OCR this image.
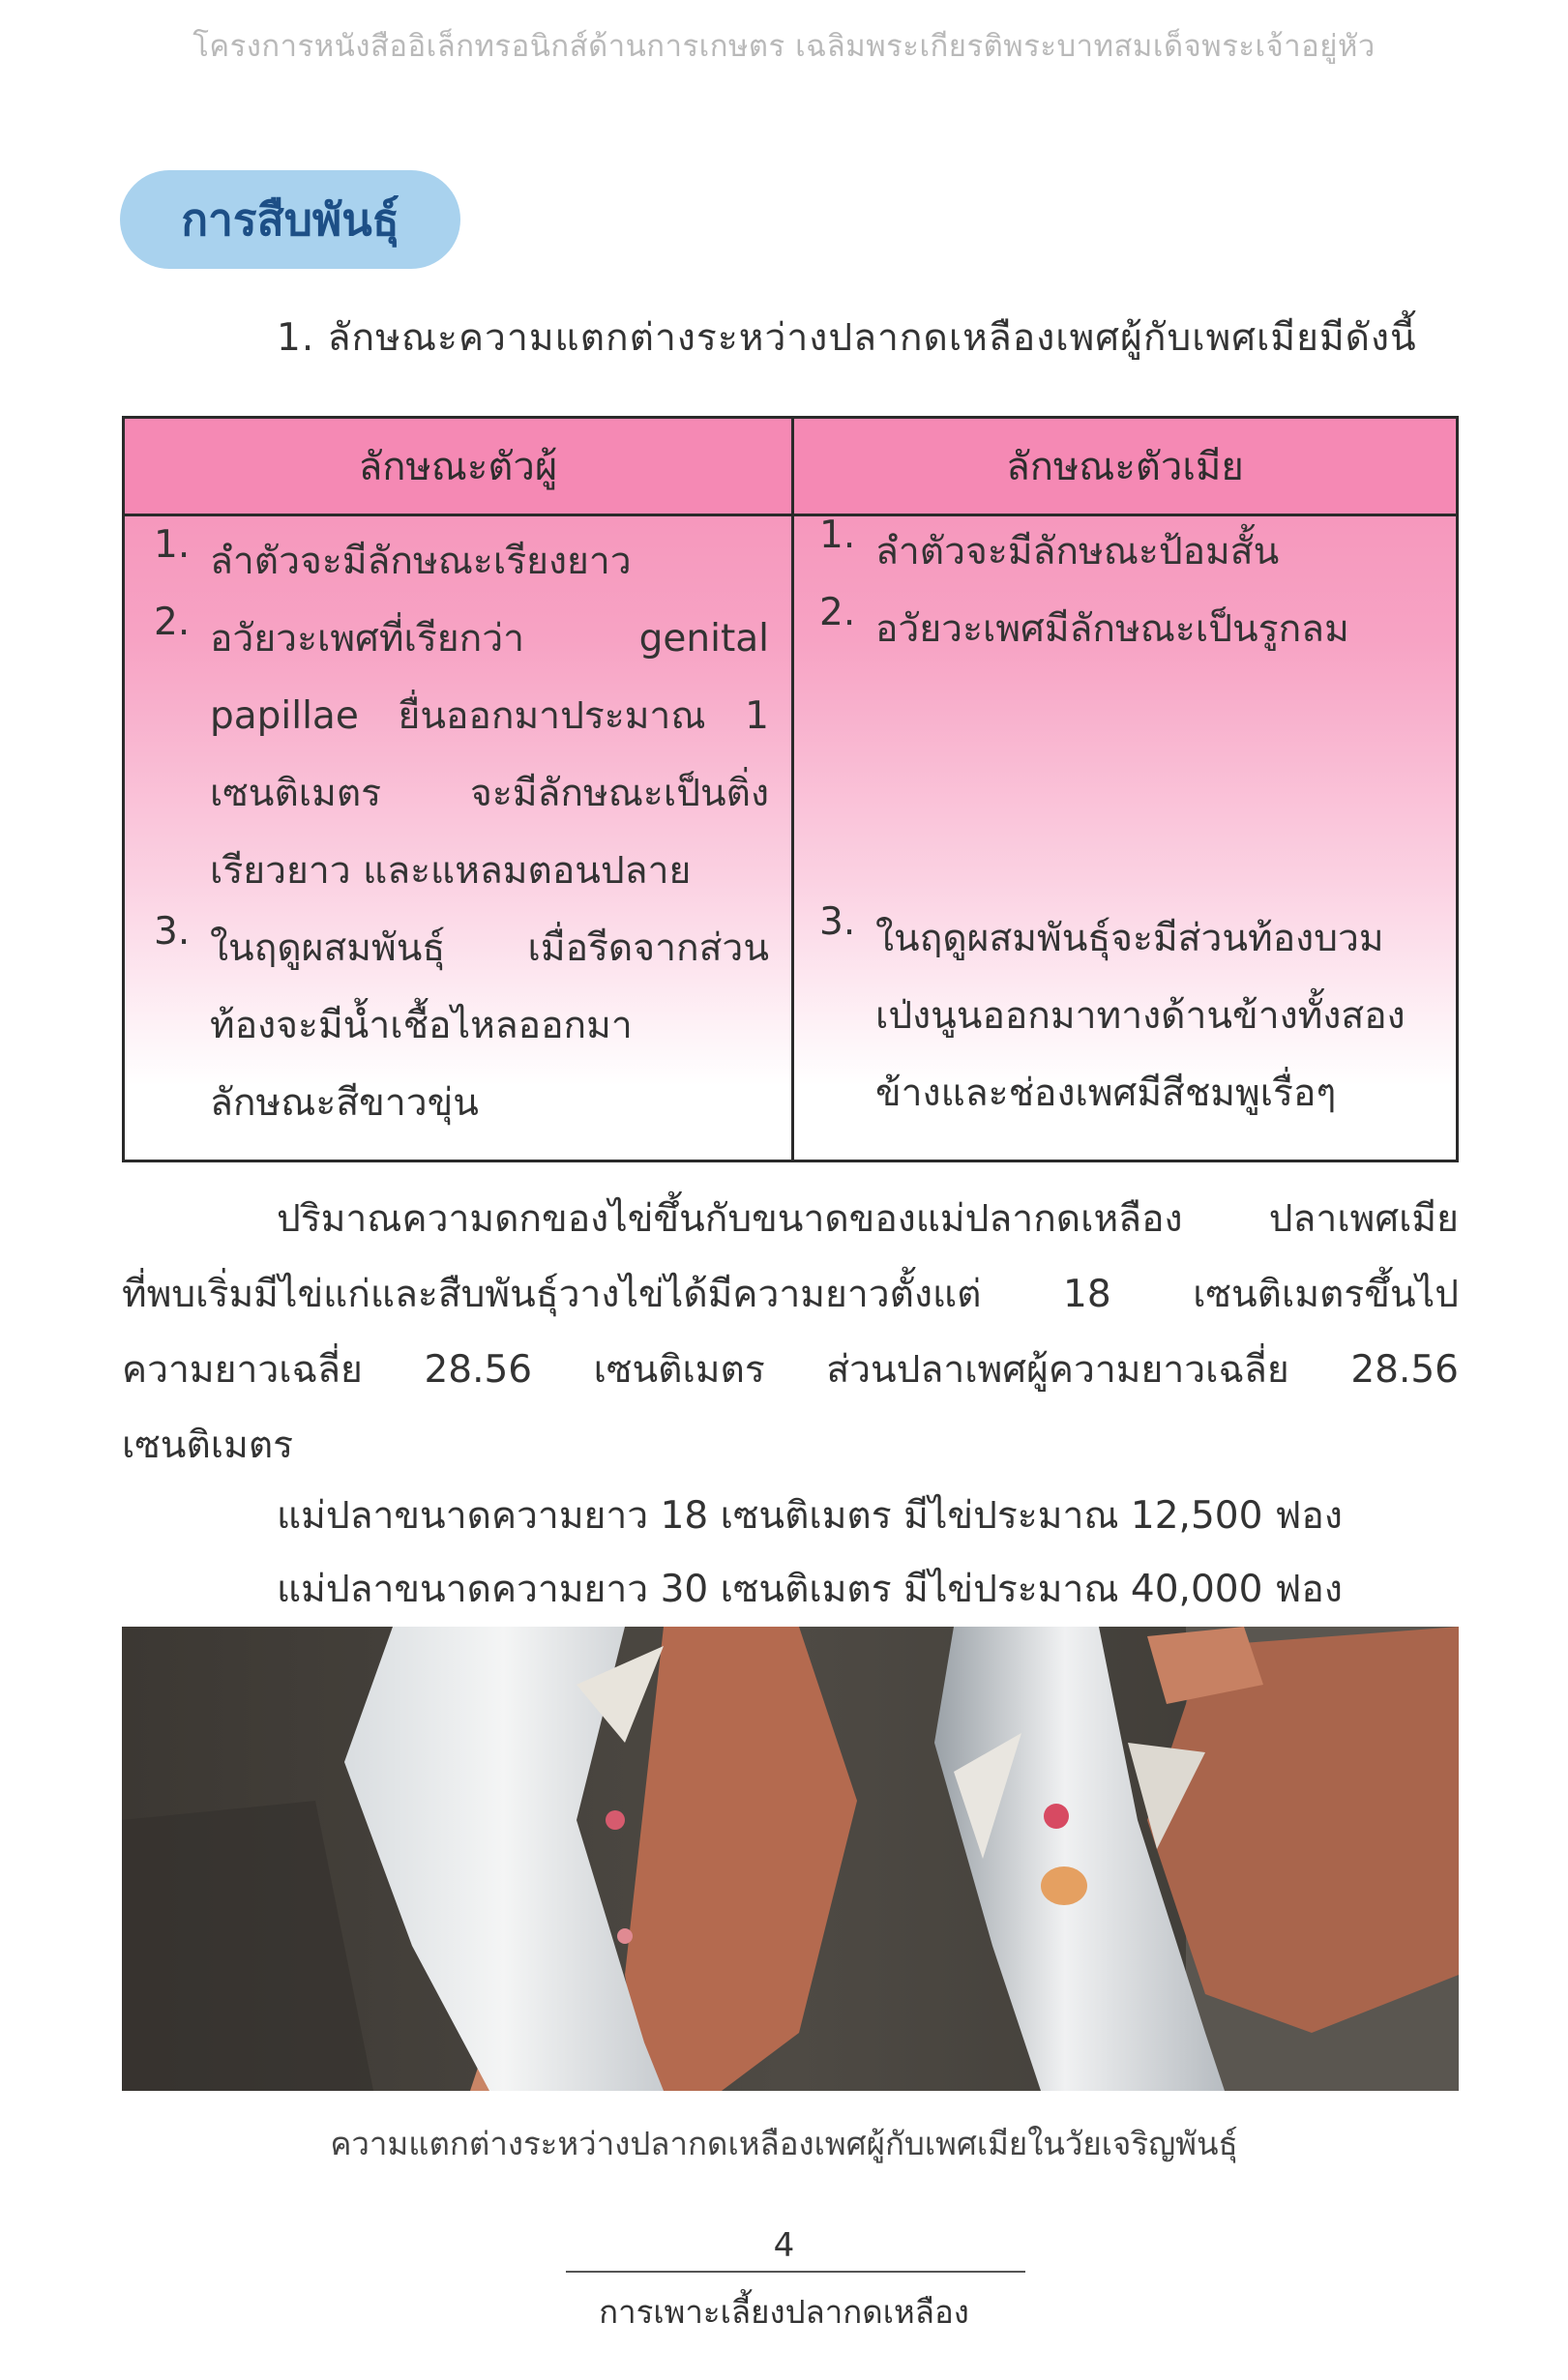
โครงการหนังสืออิเล็กทรอนิกส์ด้านการเกษตร เฉลิมพระเกียรติพระบาทสมเด็จพระเจ้าอยู่หัว
การสืบพันธุ์
1. ลักษณะความแตกต่างระหว่างปลากดเหลืองเพศผู้กับเพศเมียมีดังนี้
ลักษณะตัวผู้	ลักษณะตัวเมีย
1. ลำตัวจะมีลักษณะเรียงยาว
2. อวัยวะเพศที่เรียกว่า genital
papillae ยื่นออกมาประมาณ 1
เซนติเมตร จะมีลักษณะเป็นติ่ง
เรียวยาว และแหลมตอนปลาย
3. ในฤดูผสมพันธุ์ เมื่อรีดจากส่วน
ท้องจะมีน้ำเชื้อไหลออกมา
ลักษณะสีขาวขุ่น
1. ลำตัวจะมีลักษณะป้อมสั้น
2. อวัยวะเพศมีลักษณะเป็นรูกลม
3. ในฤดูผสมพันธุ์จะมีส่วนท้องบวม
เป่งนูนออกมาทางด้านข้างทั้งสอง
ข้างและช่องเพศมีสีชมพูเรื่อๆ
ปริมาณความดกของไข่ขึ้นกับขนาดของแม่ปลากดเหลือง ปลาเพศเมีย
ที่พบเริ่มมีไข่แก่และสืบพันธุ์วางไข่ได้มีความยาวตั้งแต่ 18 เซนติเมตรขึ้นไป
ความยาวเฉลี่ย 28.56 เซนติเมตร ส่วนปลาเพศผู้ความยาวเฉลี่ย 28.56
เซนติเมตร
แม่ปลาขนาดความยาว 18 เซนติเมตร มีไข่ประมาณ 12,500 ฟอง
แม่ปลาขนาดความยาว 30 เซนติเมตร มีไข่ประมาณ 40,000 ฟอง
ความแตกต่างระหว่างปลากดเหลืองเพศผู้กับเพศเมียในวัยเจริญพันธุ์
4
การเพาะเลี้ยงปลากดเหลือง
